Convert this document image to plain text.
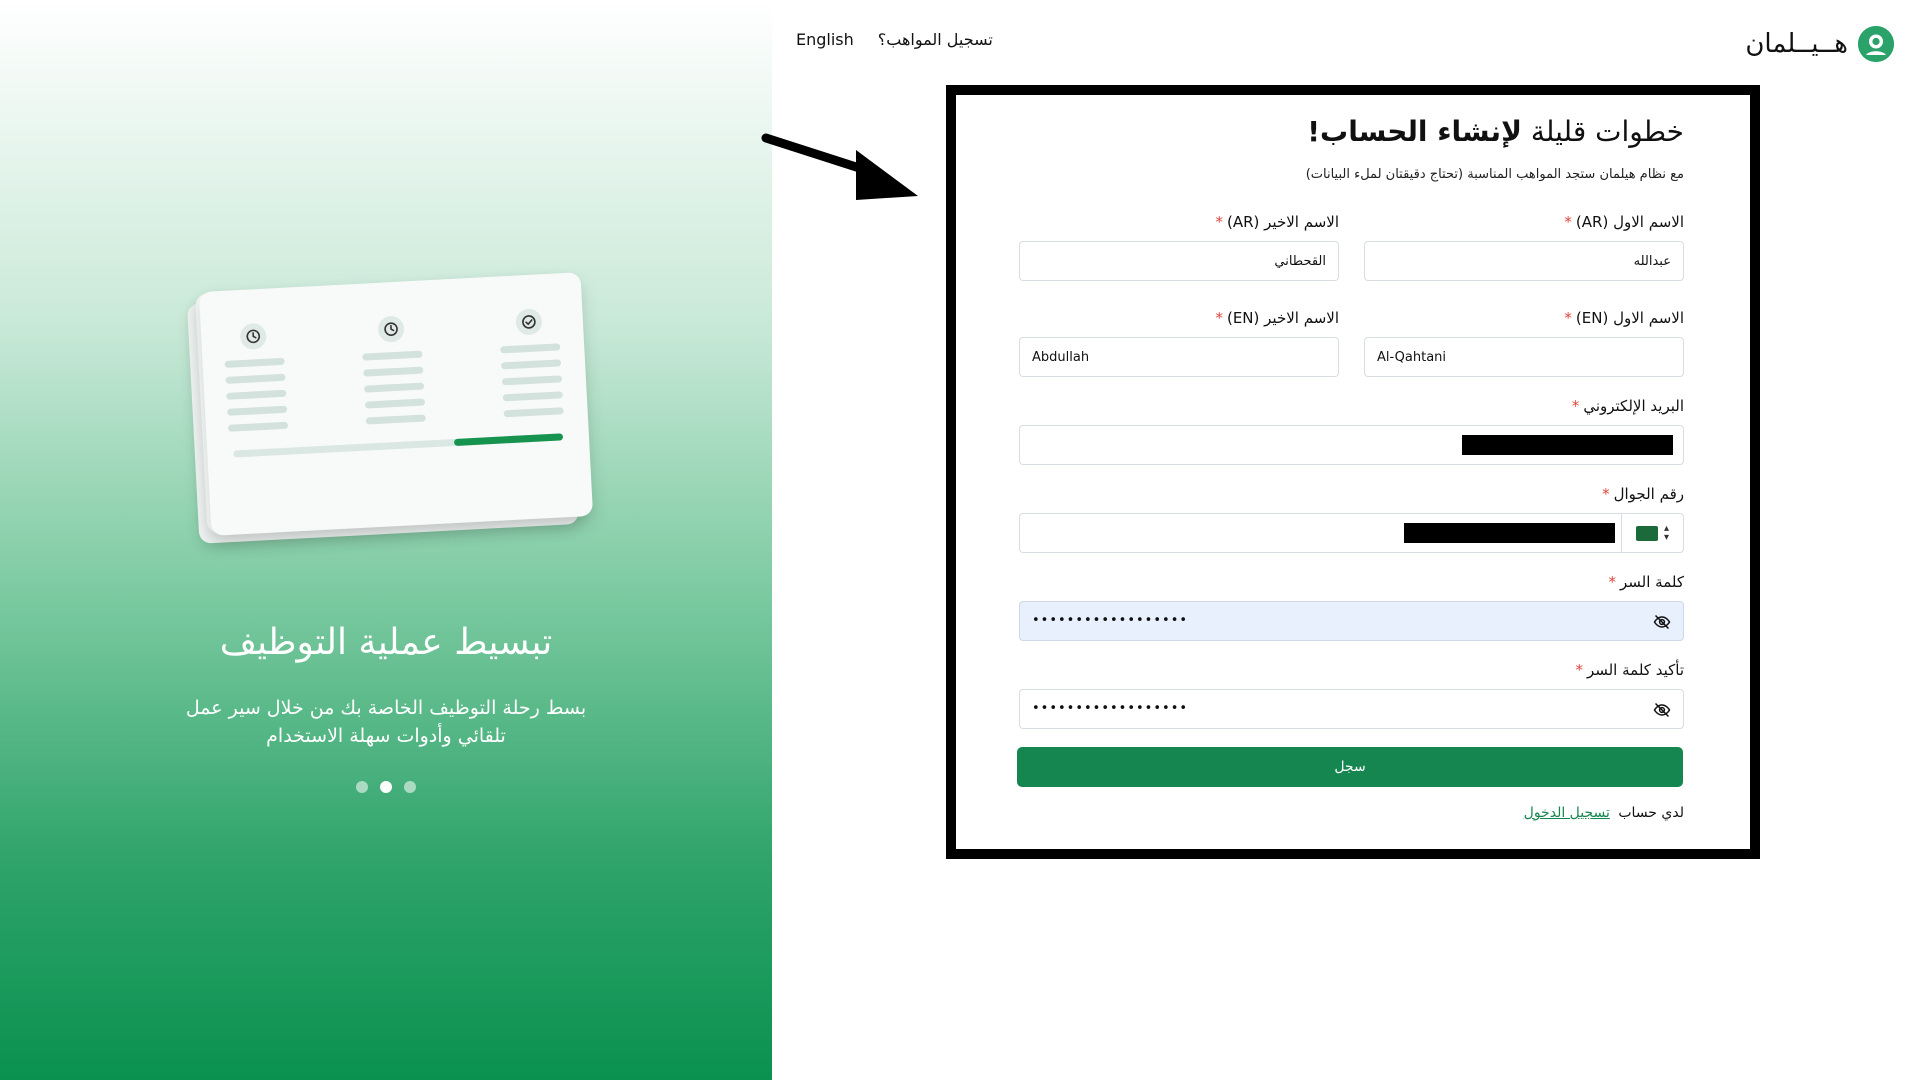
تبسيط عملية التوظيف
بسط رحلة التوظيف الخاصة بك من خلال سير عمل تلقائي وأدوات سهلة الاستخدام
English تسجيل المواهب؟	هــيــلمان
خطوات قليلة لإنشاء الحساب!
مع نظام هيلمان ستجد المواهب المناسبة (تحتاج دقيقتان لملء البيانات)
الاسم الاول (AR)*
عبدالله
الاسم الاخير (AR)*
القحطاني
الاسم الاول (EN)*
Al-Qahtani
الاسم الاخير (EN)*
Abdullah
البريد الإلكتروني*
رقم الجوال*
▴
▾
كلمة السر*
••••••••••••••••••
تأكيد كلمة السر*
••••••••••••••••••
سجل
لدي حساب تسجيل الدخول
